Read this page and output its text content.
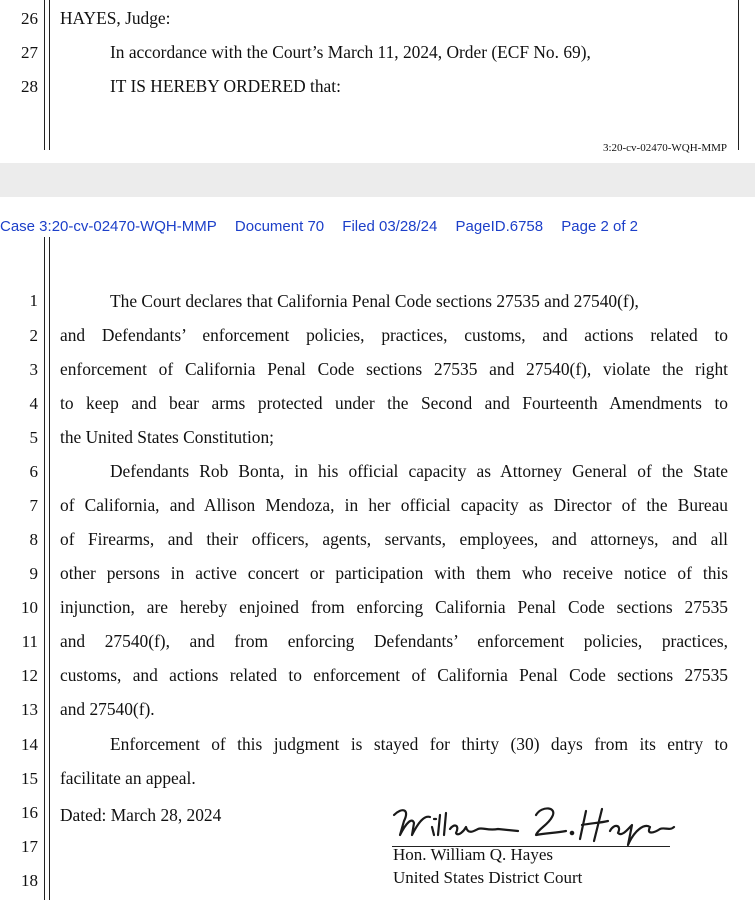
26 HAYES, Judge:
27	In accordance with the Court’s March 11, 2024, Order (ECF No. 69),
28	IT IS HEREBY ORDERED that:
3:20-cv-02470-WQH-MMP
Case 3:20-cv-02470-WQH-MMP Document 70 Filed 03/28/24 PageID.6758 Page 2 of 2
1	The Court declares that California Penal Code sections 27535 and 27540(f),
2 and Defendants’ enforcement policies, practices, customs, and actions related to
3 enforcement of California Penal Code sections 27535 and 27540(f), violate the right
4 to keep and bear arms protected under the Second and Fourteenth Amendments to
5 the United States Constitution;
6	Defendants Rob Bonta, in his official capacity as Attorney General of the State
7 of California, and Allison Mendoza, in her official capacity as Director of the Bureau
8 of Firearms, and their officers, agents, servants, employees, and attorneys, and all
9 other persons in active concert or participation with them who receive notice of this
10 injunction, are hereby enjoined from enforcing California Penal Code sections 27535
11 and 27540(f), and from enforcing Defendants’ enforcement policies, practices,
12 customs, and actions related to enforcement of California Penal Code sections 27535
13 and 27540(f).
14	Enforcement of this judgment is stayed for thirty (30) days from its entry to
15 facilitate an appeal.
16 Dated: March 28, 2024
17
18
Hon. William Q. Hayes
United States District Court
